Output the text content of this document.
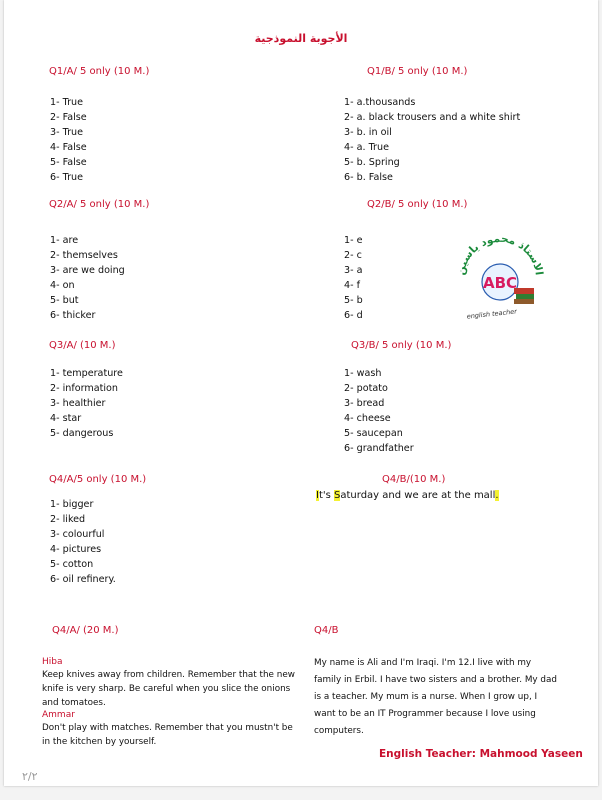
الأجوبة النموذجية
Q1/A/ 5 only (10 M.)	Q1/B/ 5 only (10 M.)
1- True
2- False
3- True
4- False
5- False
6- True
1- a.thousands
2- a. black trousers and a white shirt
3- b. in oil
4- a. True
5- b. Spring
6- b. False
Q2/A/ 5 only (10 M.)	Q2/B/ 5 only (10 M.)
1- are
2- themselves
3- are we doing
4- on
5- but
6- thicker
1- e
2- c
3- a
4- f
5- b
6- d
الاستاذ محمود ياسين
ABC
english teacher
Q3/A/ (10 M.)	Q3/B/ 5 only (10 M.)
1- temperature
2- information
3- healthier
4- star
5- dangerous
1- wash
2- potato
3- bread
4- cheese
5- saucepan
6- grandfather
Q4/A/5 only (10 M.)	Q4/B/(10 M.)
1- bigger
2- liked
3- colourful
4- pictures
5- cotton
6- oil refinery.
It's Saturday and we are at the mall.
Q4/A/ (20 M.)	Q4/B
Hiba
Keep knives away from children. Remember that the new knife is very sharp. Be careful when you slice the onions and tomatoes.
Ammar
Don't play with matches. Remember that you mustn't be in the kitchen by yourself.
My name is Ali and I'm Iraqi. I'm 12.I live with my family in Erbil. I have two sisters and a brother. My dad is a teacher. My mum is a nurse. When I grow up, I want to be an IT Programmer because I love using computers.
English Teacher: Mahmood Yaseen
٢/٢
